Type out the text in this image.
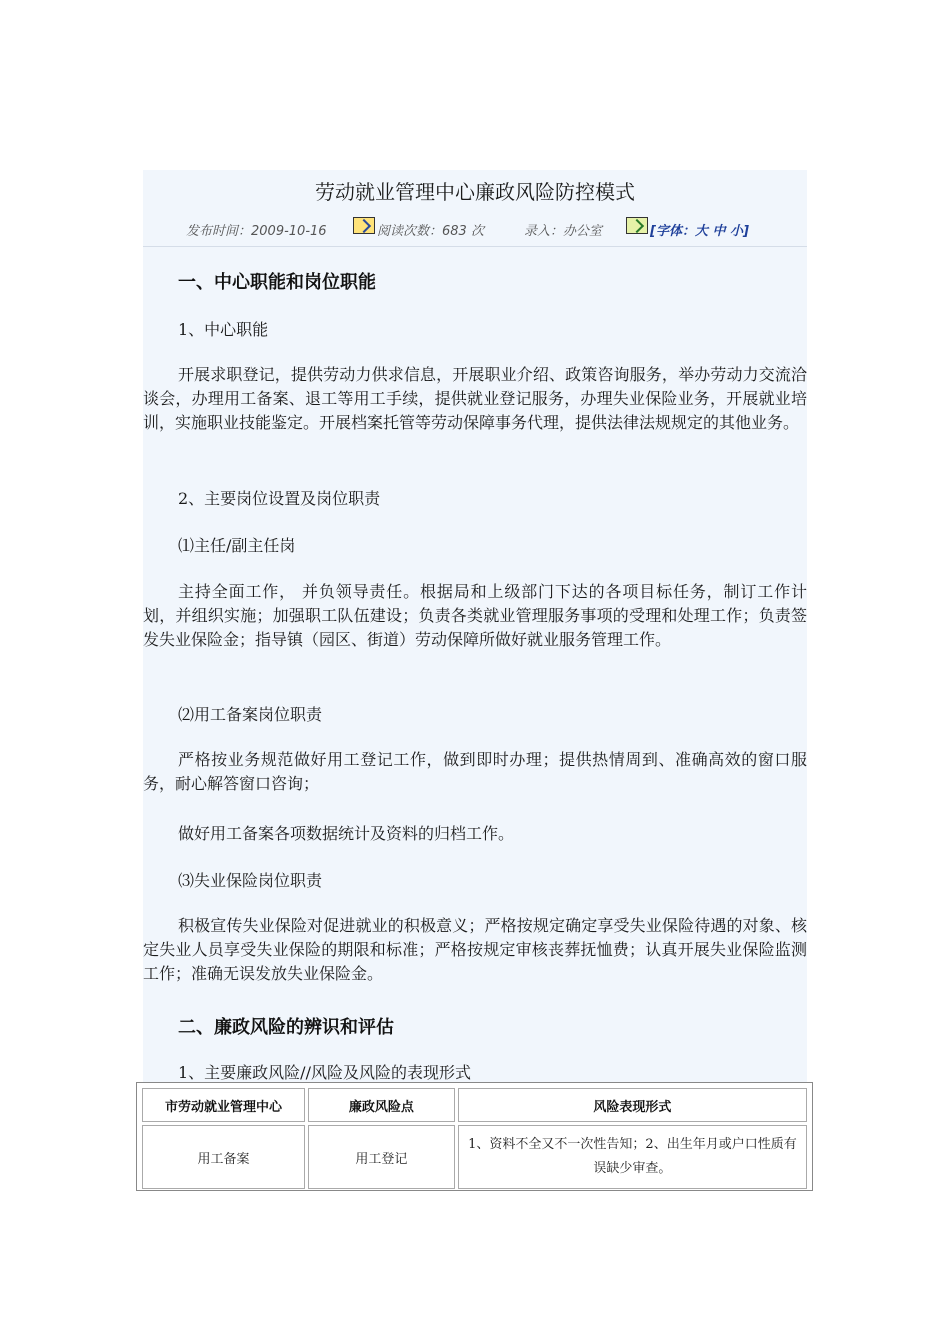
劳动就业管理中心廉政风险防控模式
发布时间：2009-10-16	阅读次数：683 次	录入：办公室	[字体：大 中 小]
一、中心职能和岗位职能
1、中心职能
开展求职登记，提供劳动力供求信息，开展职业介绍、政策咨询服务，举办劳动力交流洽谈会，办理用工备案、退工等用工手续，提供就业登记服务，办理失业保险业务，开展就业培训，实施职业技能鉴定。开展档案托管等劳动保障事务代理，提供法律法规规定的其他业务。
2、主要岗位设置及岗位职责
⑴主任/副主任岗
主持全面工作， 并负领导责任。根据局和上级部门下达的各项目标任务，制订工作计划，并组织实施；加强职工队伍建设；负责各类就业管理服务事项的受理和处理工作；负责签发失业保险金；指导镇（园区、街道）劳动保障所做好就业服务管理工作。
⑵用工备案岗位职责
严格按业务规范做好用工登记工作，做到即时办理；提供热情周到、准确高效的窗口服务，耐心解答窗口咨询；
做好用工备案各项数据统计及资料的归档工作。
⑶失业保险岗位职责
积极宣传失业保险对促进就业的积极意义；严格按规定确定享受失业保险待遇的对象、核定失业人员享受失业保险的期限和标准；严格按规定审核丧葬抚恤费；认真开展失业保险监测工作；准确无误发放失业保险金。
二、廉政风险的辨识和评估
1、主要廉政风险//风险及风险的表现形式
市劳动就业管理中心	廉政风险点	风险表现形式
用工备案	用工登记	1、资料不全又不一次性告知；2、出生年月或户口性质有误缺少审查。
